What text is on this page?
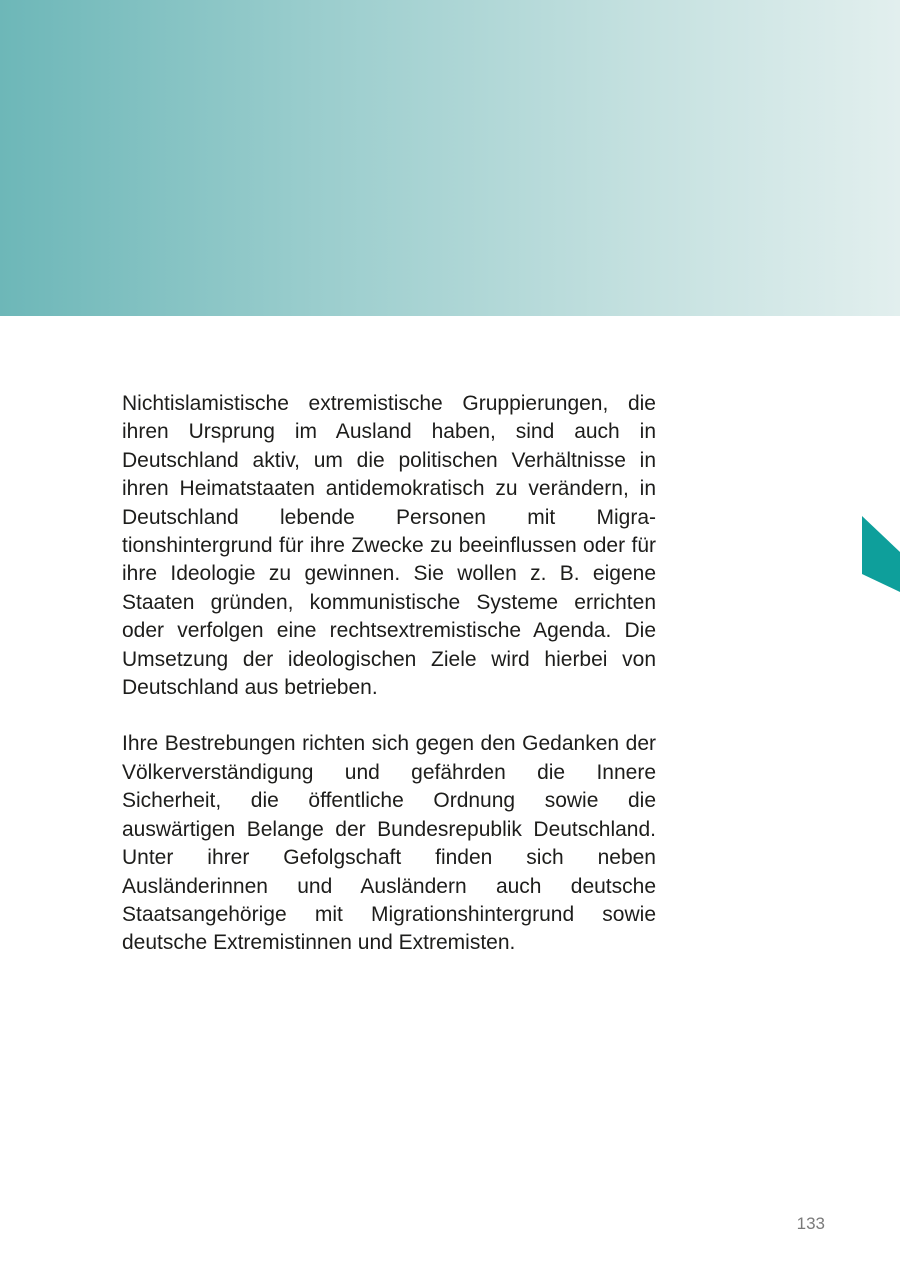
Nichtislamistische extremistische Gruppierungen, die ihren Ursprung im Ausland haben, sind auch in Deutschland aktiv, um die politischen Verhältnisse in ihren Heimatstaaten antidemokratisch zu verändern, in Deutschland lebende Personen mit Migrationshintergrund für ihre Zwecke zu beeinflussen oder für ihre Ideologie zu gewinnen. Sie wollen z. B. eigene Staaten gründen, kommunistische Systeme errichten oder verfolgen eine rechtsextremistische Agenda. Die Umsetzung der ideologischen Ziele wird hierbei von Deutschland aus betrieben.

Ihre Bestrebungen richten sich gegen den Gedanken der Völkerverständigung und gefährden die Innere Sicherheit, die öffentliche Ordnung sowie die auswärtigen Belange der Bundesrepublik Deutschland. Unter ihrer Gefolgschaft finden sich neben Ausländerinnen und Ausländern auch deutsche Staatsangehörige mit Migrationshintergrund sowie deutsche Extremistinnen und Extremisten.

133
